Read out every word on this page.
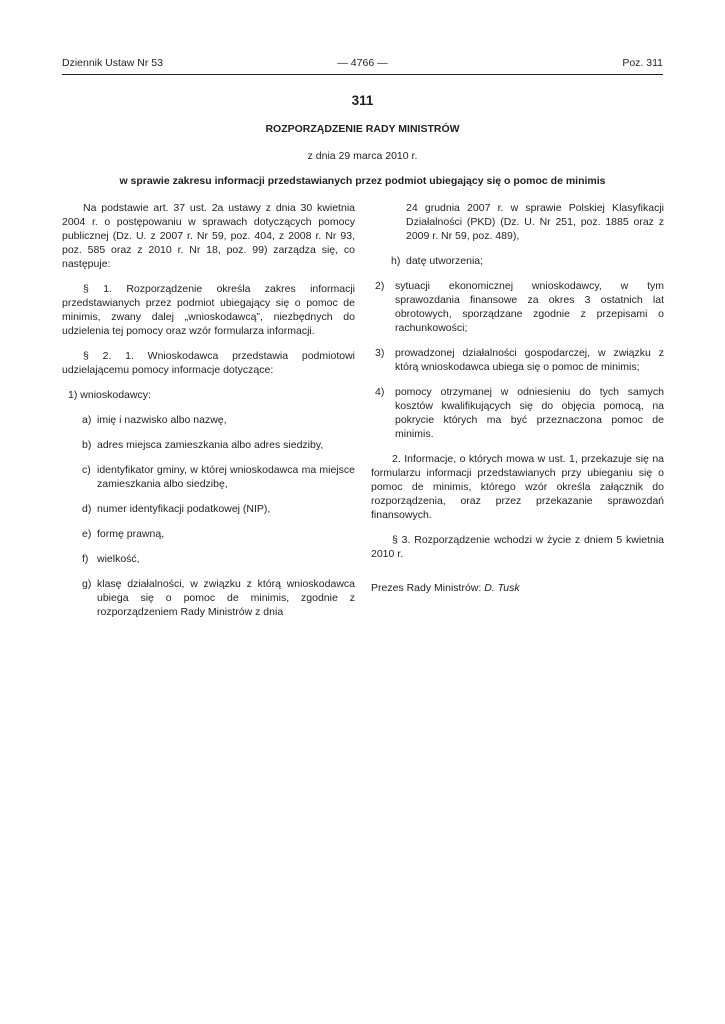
Dziennik Ustaw Nr 53	— 4766 —	Poz. 311
311
ROZPORZĄDZENIE RADY MINISTRÓW
z dnia 29 marca 2010 r.
w sprawie zakresu informacji przedstawianych przez podmiot ubiegający się o pomoc de minimis

Na podstawie art. 37 ust. 2a ustawy z dnia 30 kwietnia 2004 r. o postępowaniu w sprawach dotyczących pomocy publicznej (Dz. U. z 2007 r. Nr 59, poz. 404, z 2008 r. Nr 93, poz. 585 oraz z 2010 r. Nr 18, poz. 99) zarządza się, co następuje:

§ 1. Rozporządzenie określa zakres informacji przedstawianych przez podmiot ubiegający się o pomoc de minimis, zwany dalej „wnioskodawcą”, niezbędnych do udzielenia tej pomocy oraz wzór formularza informacji.

§ 2. 1. Wnioskodawca przedstawia podmiotowi udzielającemu pomocy informacje dotyczące:

1)
wnioskodawcy:
a) imię i nazwisko albo nazwę,
b) adres miejsca zamieszkania albo adres siedziby,
c) identyfikator gminy, w której wnioskodawca ma miejsce zamieszkania albo siedzibę,
d) numer identyfikacji podatkowej (NIP),
e) formę prawną,
f) wielkość,
g) klasę działalności, w związku z którą wnioskodawca ubiega się o pomoc de minimis, zgodnie z rozporządzeniem Rady Ministrów z dnia

24 grudnia 2007 r. w sprawie Polskiej Klasyfikacji Działalności (PKD) (Dz. U. Nr 251, poz. 1885 oraz z 2009 r. Nr 59, poz. 489),

h) datę utworzenia;
2)	sytuacji ekonomicznej wnioskodawcy, w tym sprawozdania finansowe za okres 3 ostatnich lat obrotowych, sporządzane zgodnie z przepisami o rachunkowości;
3)	prowadzonej działalności gospodarczej, w związku z którą wnioskodawca ubiega się o pomoc de minimis;
4)	pomocy otrzymanej w odniesieniu do tych samych kosztów kwalifikujących się do objęcia pomocą, na pokrycie których ma być przeznaczona pomoc de minimis.

2. Informacje, o których mowa w ust. 1, przekazuje się na formularzu informacji przedstawianych przy ubieganiu się o pomoc de minimis, którego wzór określa załącznik do rozporządzenia, oraz przez przekazanie sprawozdań finansowych.

§ 3. Rozporządzenie wchodzi w życie z dniem 5 kwietnia 2010 r.

Prezes Rady Ministrów: D. Tusk
